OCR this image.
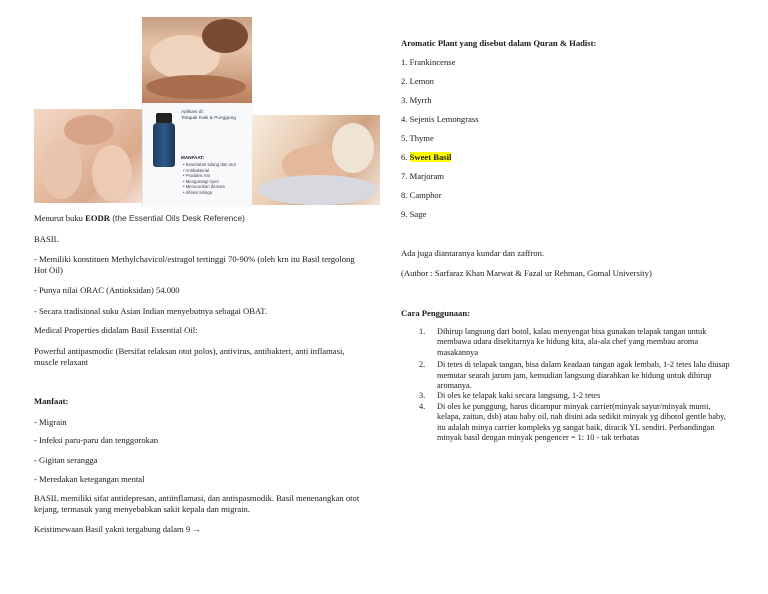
Aplikasi di:
Telapak Kaki & Punggung
MANFAAT:
• Kesehatan tulang dan otot
• Antibakterial
• Produksi ASI
• Mengurangi nyeri
• Menurunkan demam
• Infeksi telinga
Menurut buku EODR (the Essential Oils Desk Reference)
BASIL
- Memiliki konstituen Methylchavicol/estragol tertinggi 70-90% (oleh krn itu Basil tergolong Hot Oil)
- Punya nilai ORAC (Antioksidan) 54.000
- Secara tradisional suku Asian Indian menyebutnya sebagai OBAT.
Medical Properties didalam Basil Essential Oil:
Powerful antipasmodic (Bersifat relaksan otot polos), antivirus, antibakteri, anti inflamasi, muscle relaxant
Manfaat:
- Migrain
- Infeksi paru-paru dan tenggorokan
- Gigitan serangga
- Meredakan ketegangan mental
BASIL memiliki sifat antidepresan, antiinflamasi, dan antispasmodik. Basil menenangkan otot kejang, termasuk yang menyebabkan sakit kepala dan migrain.
Keistimewaan Basil yakni tergabung dalam 9 →
Aromatic Plant yang disebut dalam Quran & Hadist:
1. Frankincense
2. Lemon
3. Myrrh
4. Sejenis Lemongrass
5. Thyme
6. Sweet Basil
7. Marjoram
8. Camphor
9. Sage
Ada juga diantaranya kundar dan zaffron.
(Author : Sarfaraz Khan Marwat & Fazal ur Rehman, Gomal University)
Cara Penggunaan:
1. Dihirup langsung dari botol, kalau menyengat bisa gunakan telapak tangan untuk membawa udara disekitarnya ke hidung kita, ala-ala chef yang membau aroma masakannya
2. Di tetes di telapak tangan, bisa dalam keadaan tangan agak lembab, 1-2 tetes lalu diusap memutar searah jarum jam, kemudian langsung diarahkan ke hidung untuk dihirup aromanya.
3. Di oles ke telapak kaki secara langsung, 1-2 tetes
4. Di oles ke punggung, harus dicampur minyak carrier(minyak sayur/minyak mumi, kelapa, zaitun, dsb) atau baby oil, nah disini ada sedikit minyak yg dibotol gentle baby, itu adalah minya carrier kompleks yg sangat baik, diracik YL sendiri. Perbandingan minyak basil dengan minyak pengencer = 1: 10 - tak terbatas
